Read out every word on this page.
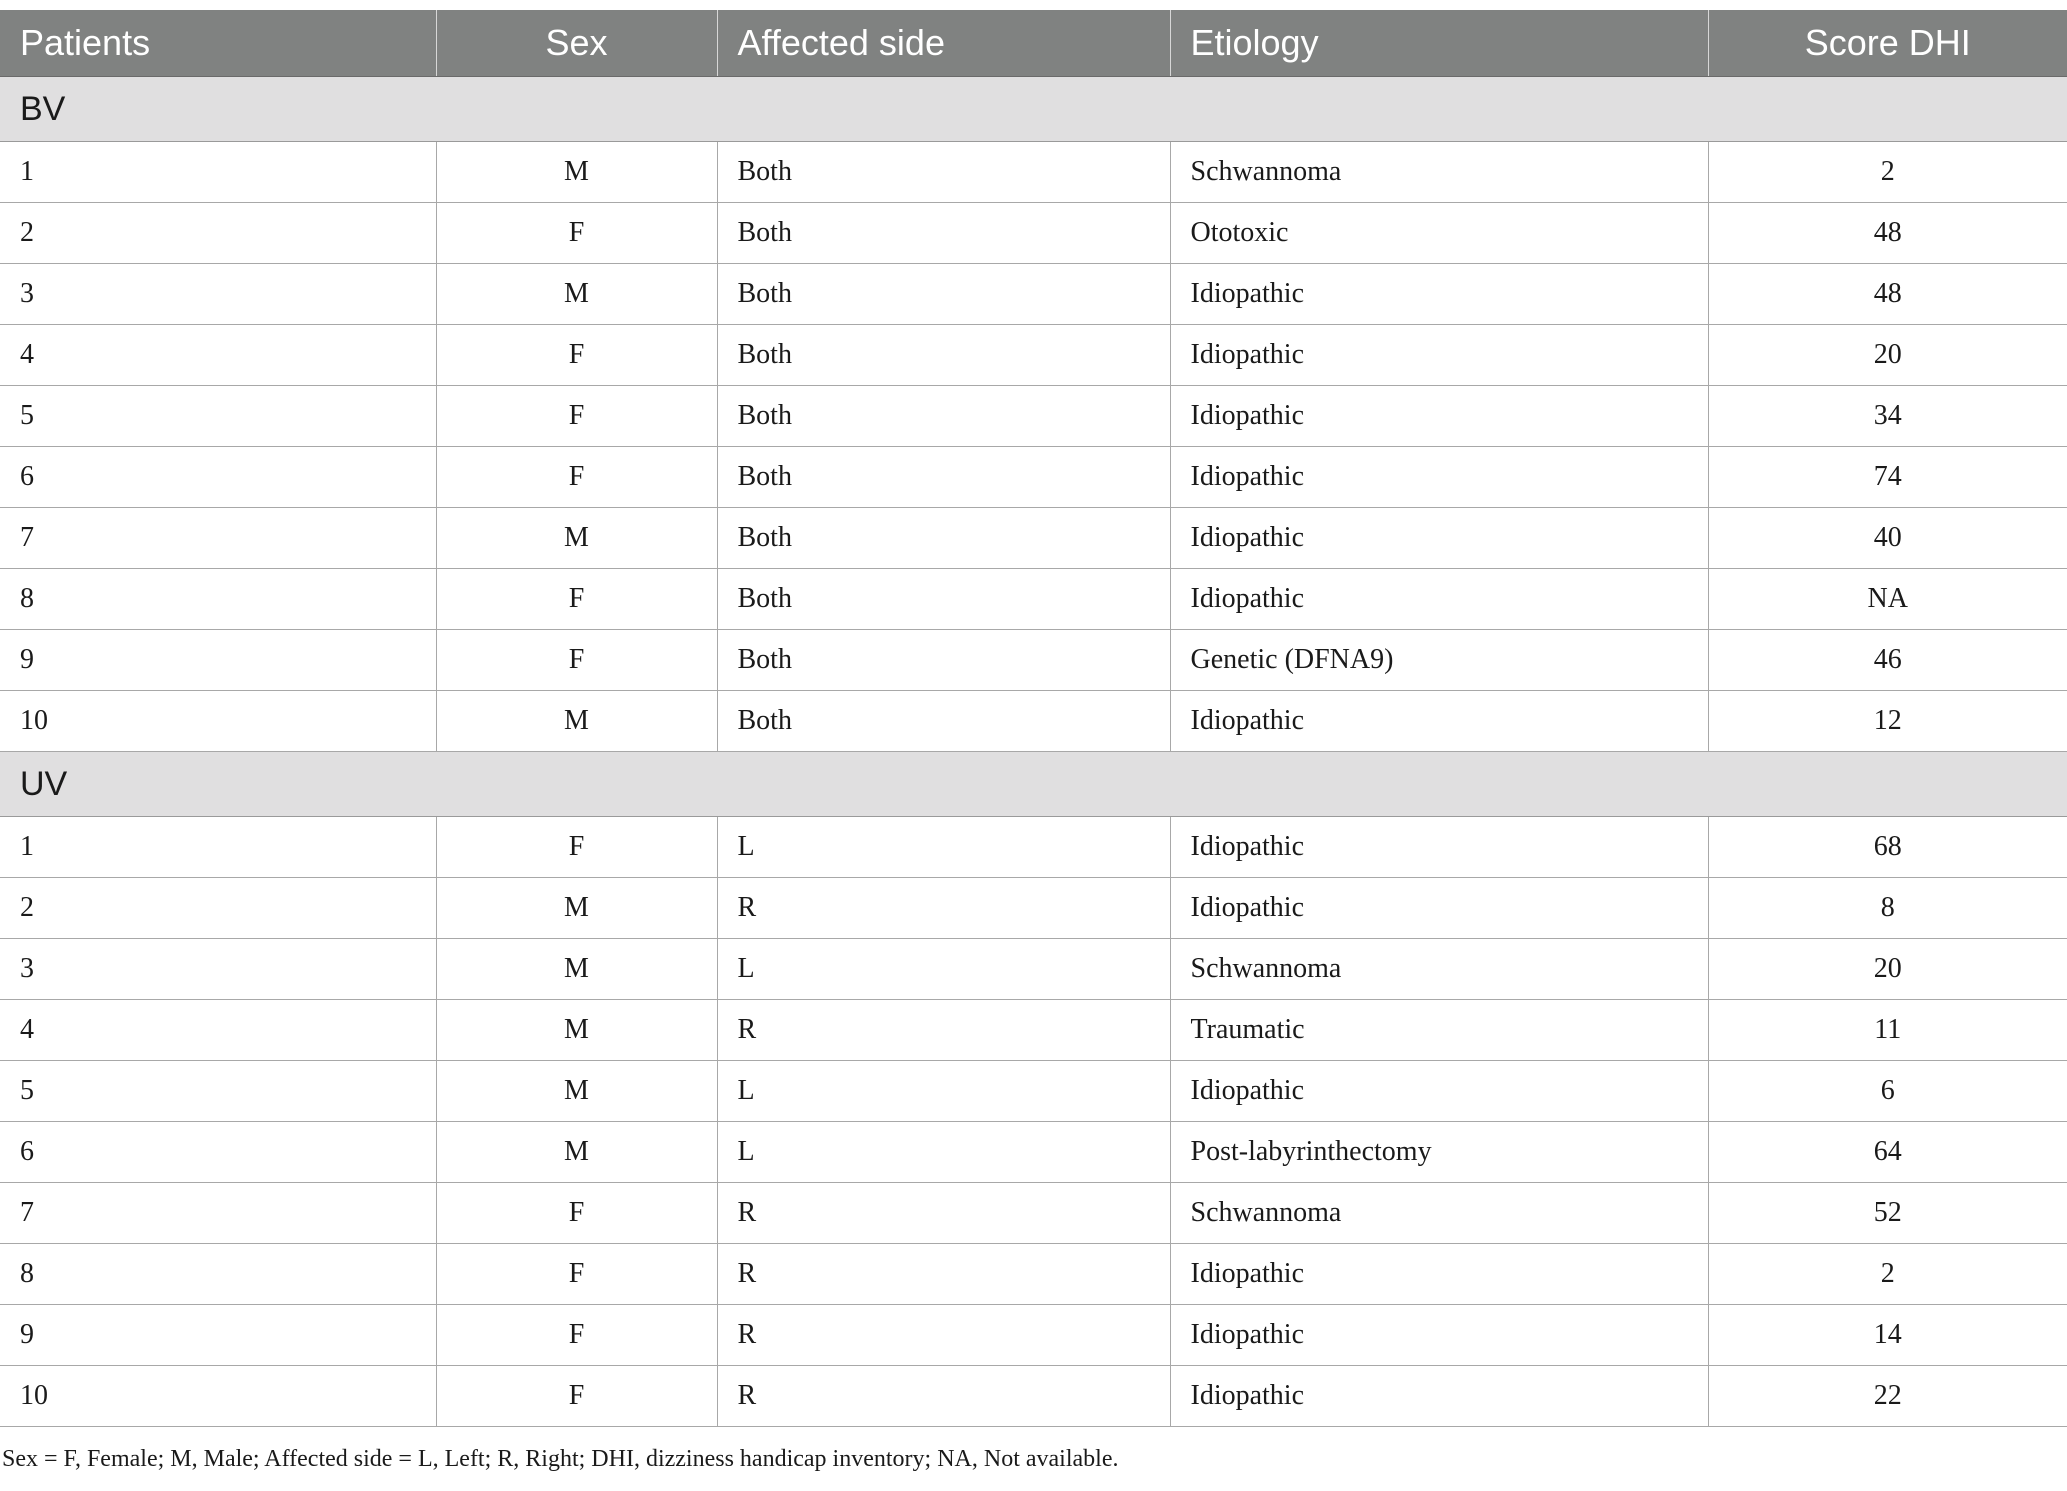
Patients	Sex	Affected side	Etiology	Score DHI
BV				
1	M	Both	Schwannoma	2
2	F	Both	Ototoxic	48
3	M	Both	Idiopathic	48
4	F	Both	Idiopathic	20
5	F	Both	Idiopathic	34
6	F	Both	Idiopathic	74
7	M	Both	Idiopathic	40
8	F	Both	Idiopathic	NA
9	F	Both	Genetic (DFNA9)	46
10	M	Both	Idiopathic	12
UV				
1	F	L	Idiopathic	68
2	M	R	Idiopathic	8
3	M	L	Schwannoma	20
4	M	R	Traumatic	11
5	M	L	Idiopathic	6
6	M	L	Post-labyrinthectomy	64
7	F	R	Schwannoma	52
8	F	R	Idiopathic	2
9	F	R	Idiopathic	14
10	F	R	Idiopathic	22
Sex = F, Female; M, Male; Affected side = L, Left; R, Right; DHI, dizziness handicap inventory; NA, Not available.
